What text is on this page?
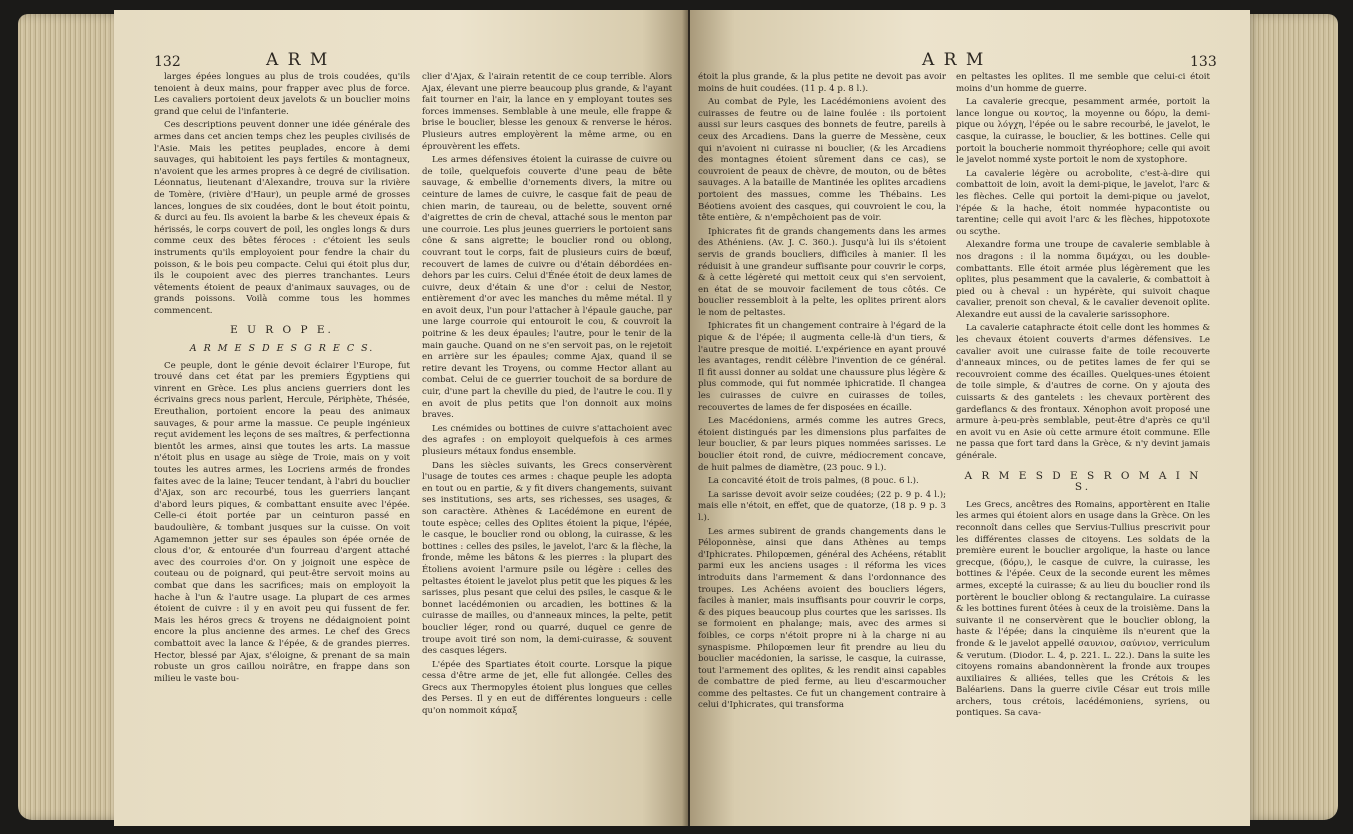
132	A R M

larges épées longues au plus de trois coudées, qu'ils tenoient à deux mains, pour frapper avec plus de force. Les cavaliers portoient deux javelots & un bouclier moins grand que celui de l'infanterie.

Ces descriptions peuvent donner une idée générale des armes dans cet ancien temps chez les peuples civilisés de l'Asie. Mais les petites peuplades, encore à demi sauvages, qui habitoient les pays fertiles & montagneux, n'avoient que les armes propres à ce degré de civilisation. Léonnatus, lieutenant d'Alexandre, trouva sur la rivière de Tomère, (rivière d'Haur), un peuple armé de grosses lances, longues de six coudées, dont le bout étoit pointu, & durci au feu. Ils avoient la barbe & les cheveux épais & hérissés, le corps couvert de poil, les ongles longs & durs comme ceux des bêtes féroces : c'étoient les seuls instruments qu'ils employoient pour fendre la chair du poisson, & le bois peu compacte. Celui qui étoit plus dur, ils le coupoient avec des pierres tranchantes. Leurs vêtements étoient de peaux d'animaux sauvages, ou de grands poissons. Voilà comme tous les hommes commencent.

E U R O P E.
A R M E S D E S G R E C S.

Ce peuple, dont le génie devoit éclairer l'Europe, fut trouvé dans cet état par les premiers Égyptiens qui vinrent en Grèce. Les plus anciens guerriers dont les écrivains grecs nous parlent, Hercule, Périphète, Thésée, Ereuthalion, portoient encore la peau des animaux sauvages, & pour arme la massue. Ce peuple ingénieux reçut avidement les leçons de ses maîtres, & perfectionna bientôt les armes, ainsi que toutes les arts. La massue n'étoit plus en usage au siège de Troie, mais on y voit toutes les autres armes, les Locriens armés de frondes faites avec de la laine; Teucer tendant, à l'abri du bouclier d'Ajax, son arc recourbé, tous les guerriers lançant d'abord leurs piques, & combattant ensuite avec l'épée. Celle-ci étoit portée par un ceinturon passé en baudoulière, & tombant jusques sur la cuisse. On voit Agamemnon jetter sur ses épaules son épée ornée de clous d'or, & entourée d'un fourreau d'argent attaché avec des courroies d'or. On y joignoit une espèce de couteau ou de poignard, qui peut-être servoit moins au combat que dans les sacrifices; mais on employoit la hache à l'un & l'autre usage. La plupart de ces armes étoient de cuivre : il y en avoit peu qui fussent de fer. Mais les héros grecs & troyens ne dédaignoient point encore la plus ancienne des armes. Le chef des Grecs combattoit avec la lance & l'épée, & de grandes pierres. Hector, blessé par Ajax, s'éloigne, & prenant de sa main robuste un gros caillou noirâtre, en frappe dans son milieu le vaste bou-

clier d'Ajax, & l'airain retentit de ce coup terrible. Alors Ajax, élevant une pierre beaucoup plus grande, & l'ayant fait tourner en l'air, la lance en y employant toutes ses forces immenses. Semblable à une meule, elle frappe & brise le bouclier, blesse les genoux & renverse le héros. Plusieurs autres employèrent la même arme, ou en éprouvèrent les effets.

Les armes défensives étoient la cuirasse de cuivre ou de toile, quelquefois couverte d'une peau de bête sauvage, & embellie d'ornements divers, la mitre ou ceinture de lames de cuivre, le casque fait de peau de chien marin, de taureau, ou de belette, souvent orné d'aigrettes de crin de cheval, attaché sous le menton par une courroie. Les plus jeunes guerriers le portoient sans cône & sans aigrette; le bouclier rond ou oblong, couvrant tout le corps, fait de plusieurs cuirs de bœuf, recouvert de lames de cuivre ou d'étain débordées en-dehors par les cuirs. Celui d'Énée étoit de deux lames de cuivre, deux d'étain & une d'or : celui de Nestor, entièrement d'or avec les manches du même métal. Il y en avoit deux, l'un pour l'attacher à l'épaule gauche, par une large courroie qui entouroit le cou, & couvroit la poitrine & les deux épaules; l'autre, pour le tenir de la main gauche. Quand on ne s'en servoit pas, on le rejetoit en arrière sur les épaules; comme Ajax, quand il se retire devant les Troyens, ou comme Hector allant au combat. Celui de ce guerrier touchoit de sa bordure de cuir, d'une part la cheville du pied, de l'autre le cou. Il y en avoit de plus petits que l'on donnoit aux moins braves.

Les cnémides ou bottines de cuivre s'attachoient avec des agrafes : on employoit quelquefois à ces armes plusieurs métaux fondus ensemble.

Dans les siècles suivants, les Grecs conservèrent l'usage de toutes ces armes : chaque peuple les adopta en tout ou en partie, & y fit divers changements, suivant ses institutions, ses arts, ses richesses, ses usages, & son caractère. Athènes & Lacédémone en eurent de toute espèce; celles des Oplites étoient la pique, l'épée, le casque, le bouclier rond ou oblong, la cuirasse, & les bottines : celles des psiles, le javelot, l'arc & la flèche, la fronde, même les bâtons & les pierres : la plupart des Étoliens avoient l'armure psile ou légère : celles des peltastes étoient le javelot plus petit que les piques & les sarisses, plus pesant que celui des psiles, le casque & le bonnet lacédémonien ou arcadien, les bottines & la cuirasse de mailles, ou d'anneaux minces, la pelte, petit bouclier léger, rond ou quarré, duquel ce genre de troupe avoit tiré son nom, la demi-cuirasse, & souvent des casques légers.

L'épée des Spartiates étoit courte. Lorsque la pique cessa d'être arme de jet, elle fut allongée. Celles des Grecs aux Thermopyles étoient plus longues que celles des Perses. Il y en eut de différentes longueurs : celle qu'on nommoit κάμαξ

A R M	133

étoit la plus grande, & la plus petite ne devoit pas avoir moins de huit coudées. (11 p. 4 p. 8 l.).

Au combat de Pyle, les Lacédémoniens avoient des cuirasses de feutre ou de laine foulée : ils portoient aussi sur leurs casques des bonnets de feutre, pareils à ceux des Arcadiens. Dans la guerre de Messène, ceux qui n'avoient ni cuirasse ni bouclier, (& les Arcadiens des montagnes étoient sûrement dans ce cas), se couvroient de peaux de chèvre, de mouton, ou de bêtes sauvages. A la bataille de Mantinée les oplites arcadiens portoient des massues, comme les Thébains. Les Béotiens avoient des casques, qui couvroient le cou, la tête entière, & n'empêchoient pas de voir.

Iphicrates fit de grands changements dans les armes des Athéniens. (Av. J. C. 360.). Jusqu'à lui ils s'étoient servis de grands boucliers, difficiles à manier. Il les réduisit à une grandeur suffisante pour couvrir le corps, & à cette légèreté qui mettoit ceux qui s'en servoient, en état de se mouvoir facilement de tous côtés. Ce bouclier ressembloit à la pelte, les oplites prirent alors le nom de peltastes.

Iphicrates fit un changement contraire à l'égard de la pique & de l'épée; il augmenta celle-là d'un tiers, & l'autre presque de moitié. L'expérience en ayant prouvé les avantages, rendit célèbre l'invention de ce général. Il fit aussi donner au soldat une chaussure plus légère & plus commode, qui fut nommée iphicratide. Il changea les cuirasses de cuivre en cuirasses de toiles, recouvertes de lames de fer disposées en écaille.

Les Macédoniens, armés comme les autres Grecs, étoient distingués par les dimensions plus parfaites de leur bouclier, & par leurs piques nommées sarisses. Le bouclier étoit rond, de cuivre, médiocrement concave, de huit palmes de diamètre, (23 pouc. 9 l.).

La concavité étoit de trois palmes, (8 pouc. 6 l.).

La sarisse devoit avoir seize coudées; (22 p. 9 p. 4 l.); mais elle n'étoit, en effet, que de quatorze, (18 p. 9 p. 3 l.).

Les armes subirent de grands changements dans le Péloponnèse, ainsi que dans Athènes au temps d'Iphicrates. Philopœmen, général des Achéens, rétablit parmi eux les anciens usages : il réforma les vices introduits dans l'armement & dans l'ordonnance des troupes. Les Achéens avoient des boucliers légers, faciles à manier, mais insuffisants pour couvrir le corps, & des piques beaucoup plus courtes que les sarisses. Ils se formoient en phalange; mais, avec des armes si foibles, ce corps n'étoit propre ni à la charge ni au synaspisme. Philopœmen leur fit prendre au lieu du bouclier macédonien, la sarisse, le casque, la cuirasse, tout l'armement des oplites, & les rendit ainsi capables de combattre de pied ferme, au lieu d'escarmoucher comme des peltastes. Ce fut un changement contraire à celui d'Iphicrates, qui transforma

en peltastes les oplites. Il me semble que celui-ci étoit moins d'un homme de guerre.

La cavalerie grecque, pesamment armée, portoit la lance longue ou κοντος, la moyenne ou δόρυ, la demi-pique ou λόγχη, l'épée ou le sabre recourbé, le javelot, le casque, la cuirasse, le bouclier, & les bottines. Celle qui portoit la boucherie nommoit thyréophore; celle qui avoit le javelot nommé xyste portoit le nom de xystophore.

La cavalerie légère ou acrobolite, c'est-à-dire qui combattoit de loin, avoit la demi-pique, le javelot, l'arc & les flèches. Celle qui portoit la demi-pique ou javelot, l'épée & la hache, étoit nommée hypacontiste ou tarentine; celle qui avoit l'arc & les flèches, hippotoxote ou scythe.

Alexandre forma une troupe de cavalerie semblable à nos dragons : il la nomma διμάχαι, ou les double-combattants. Elle étoit armée plus légèrement que les oplites, plus pesamment que la cavalerie, & combattoit à pied ou à cheval : un hypérète, qui suivoit chaque cavalier, prenoit son cheval, & le cavalier devenoit oplite. Alexandre eut aussi de la cavalerie sarissophore.

La cavalerie cataphracte étoit celle dont les hommes & les chevaux étoient couverts d'armes défensives. Le cavalier avoit une cuirasse faite de toile recouverte d'anneaux minces, ou de petites lames de fer qui se recouvroient comme des écailles. Quelques-unes étoient de toile simple, & d'autres de corne. On y ajouta des cuissarts & des gantelets : les chevaux portèrent des gardeflancs & des frontaux. Xénophon avoit proposé une armure à-peu-près semblable, peut-être d'après ce qu'il en avoit vu en Asie où cette armure étoit commune. Elle ne passa que fort tard dans la Grèce, & n'y devint jamais générale.

A R M E S D E S R O M A I N S.

Les Grecs, ancêtres des Romains, apportèrent en Italie les armes qui étoient alors en usage dans la Grèce. On les reconnoît dans celles que Servius-Tullius prescrivit pour les différentes classes de citoyens. Les soldats de la première eurent le bouclier argolique, la haste ou lance grecque, (δόρυ,), le casque de cuivre, la cuirasse, les bottines & l'épée. Ceux de la seconde eurent les mêmes armes, excepté la cuirasse; & au lieu du bouclier rond ils portèrent le bouclier oblong & rectangulaire. La cuirasse & les bottines furent ôtées à ceux de la troisième. Dans la suivante il ne conservèrent que le bouclier oblong, la haste & l'épée; dans la cinquième ils n'eurent que la fronde & le javelot appellé σαυνιον, σαύνιον, verriculum & verutum. (Diodor. L. 4, p. 221. L. 22.). Dans la suite les citoyens romains abandonnèrent la fronde aux troupes auxiliaires & alliées, telles que les Crétois & les Baléariens. Dans la guerre civile César eut trois mille archers, tous crétois, lacédémoniens, syriens, ou pontiques. Sa cava-
